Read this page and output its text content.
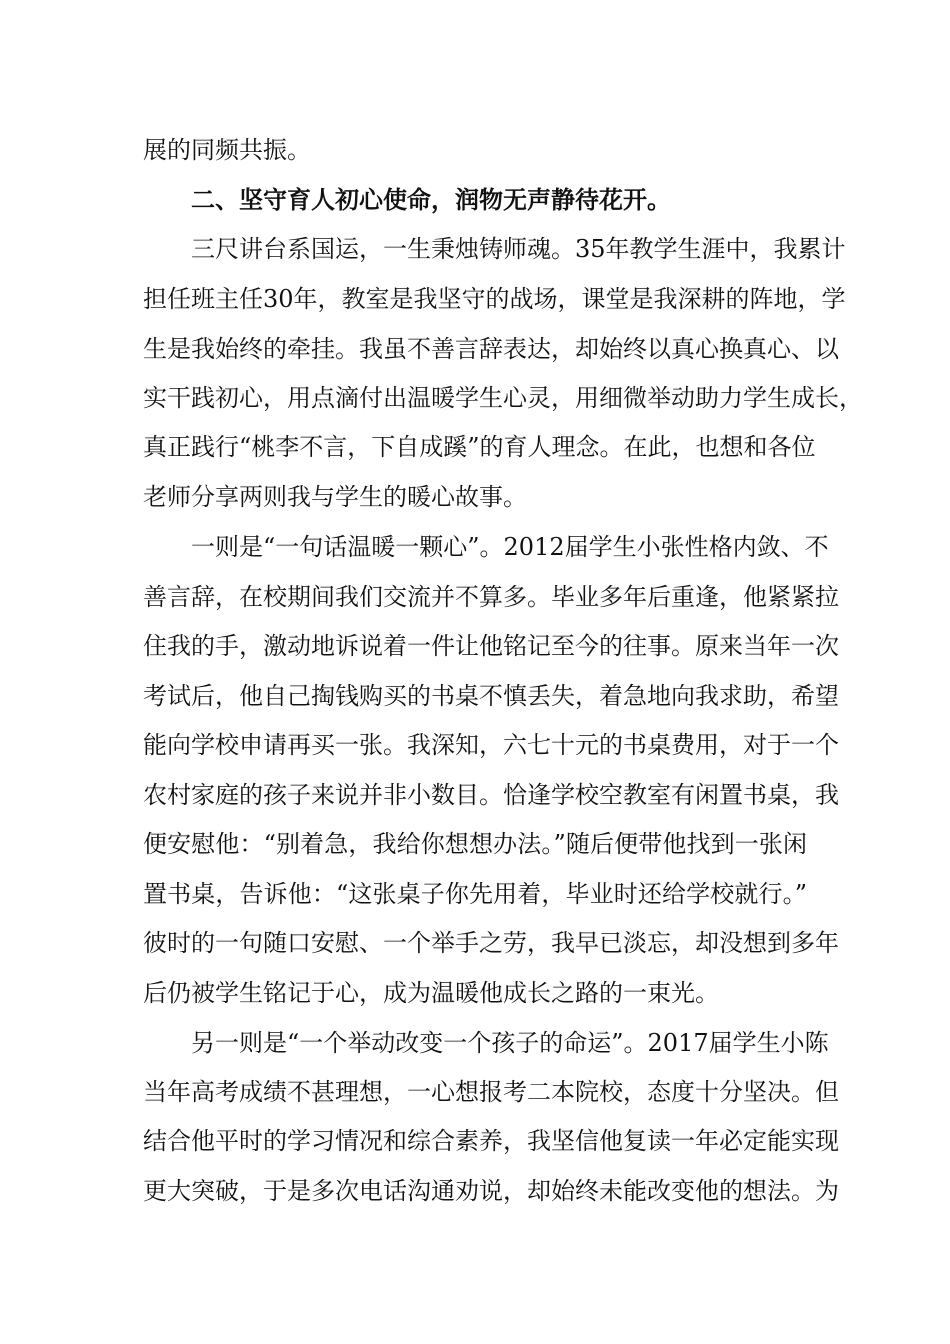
展的同频共振。
二、坚守育人初心使命，润物无声静待花开。
三尺讲台系国运，一生秉烛铸师魂。35年教学生涯中，我累计
担任班主任30年，教室是我坚守的战场，课堂是我深耕的阵地，学
生是我始终的牵挂。我虽不善言辞表达，却始终以真心换真心、以
实干践初心，用点滴付出温暖学生心灵，用细微举动助力学生成长，
真正践行“桃李不言，下自成蹊”的育人理念。在此，也想和各位
老师分享两则我与学生的暖心故事。
一则是“一句话温暖一颗心”。2012届学生小张性格内敛、不
善言辞，在校期间我们交流并不算多。毕业多年后重逢，他紧紧拉
住我的手，激动地诉说着一件让他铭记至今的往事。原来当年一次
考试后，他自己掏钱购买的书桌不慎丢失，着急地向我求助，希望
能向学校申请再买一张。我深知，六七十元的书桌费用，对于一个
农村家庭的孩子来说并非小数目。恰逢学校空教室有闲置书桌，我
便安慰他：“别着急，我给你想想办法。”随后便带他找到一张闲
置书桌，告诉他：“这张桌子你先用着，毕业时还给学校就行。”
彼时的一句随口安慰、一个举手之劳，我早已淡忘，却没想到多年
后仍被学生铭记于心，成为温暖他成长之路的一束光。
另一则是“一个举动改变一个孩子的命运”。2017届学生小陈
当年高考成绩不甚理想，一心想报考二本院校，态度十分坚决。但
结合他平时的学习情况和综合素养，我坚信他复读一年必定能实现
更大突破，于是多次电话沟通劝说，却始终未能改变他的想法。为
